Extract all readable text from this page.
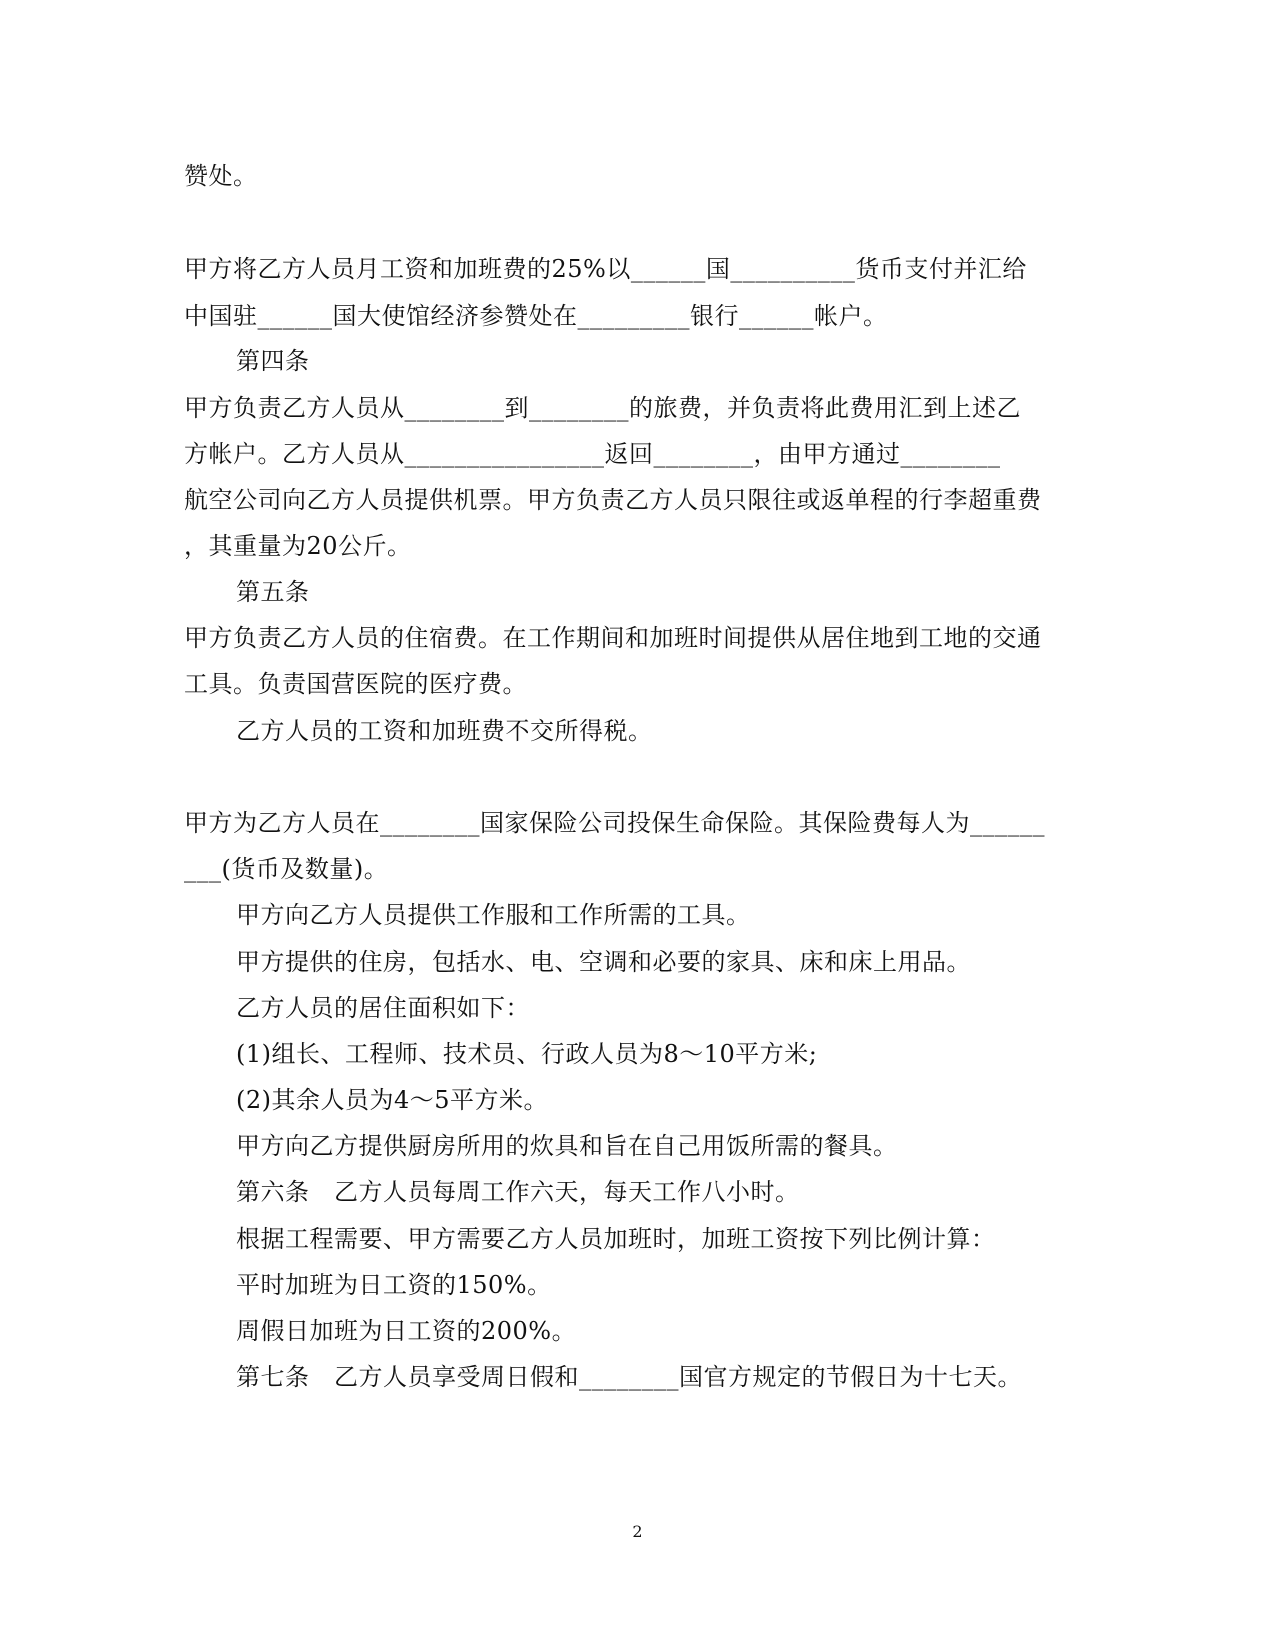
赞处。
甲方将乙方人员月工资和加班费的25%以______国__________货币支付并汇给
中国驻______国大使馆经济参赞处在_________银行______帐户。
第四条
甲方负责乙方人员从________到________的旅费，并负责将此费用汇到上述乙
方帐户。乙方人员从________________返回________，由甲方通过________
航空公司向乙方人员提供机票。甲方负责乙方人员只限往或返单程的行李超重费
，其重量为20公斤。
第五条
甲方负责乙方人员的住宿费。在工作期间和加班时间提供从居住地到工地的交通
工具。负责国营医院的医疗费。
乙方人员的工资和加班费不交所得税。
甲方为乙方人员在________国家保险公司投保生命保险。其保险费每人为______
___(货币及数量)。
甲方向乙方人员提供工作服和工作所需的工具。
甲方提供的住房，包括水、电、空调和必要的家具、床和床上用品。
乙方人员的居住面积如下：
(1)组长、工程师、技术员、行政人员为8～10平方米;
(2)其余人员为4～5平方米。
甲方向乙方提供厨房所用的炊具和旨在自己用饭所需的餐具。
第六条　乙方人员每周工作六天，每天工作八小时。
根据工程需要、甲方需要乙方人员加班时，加班工资按下列比例计算：
平时加班为日工资的150%。
周假日加班为日工资的200%。
第七条　乙方人员享受周日假和________国官方规定的节假日为十七天。
2
